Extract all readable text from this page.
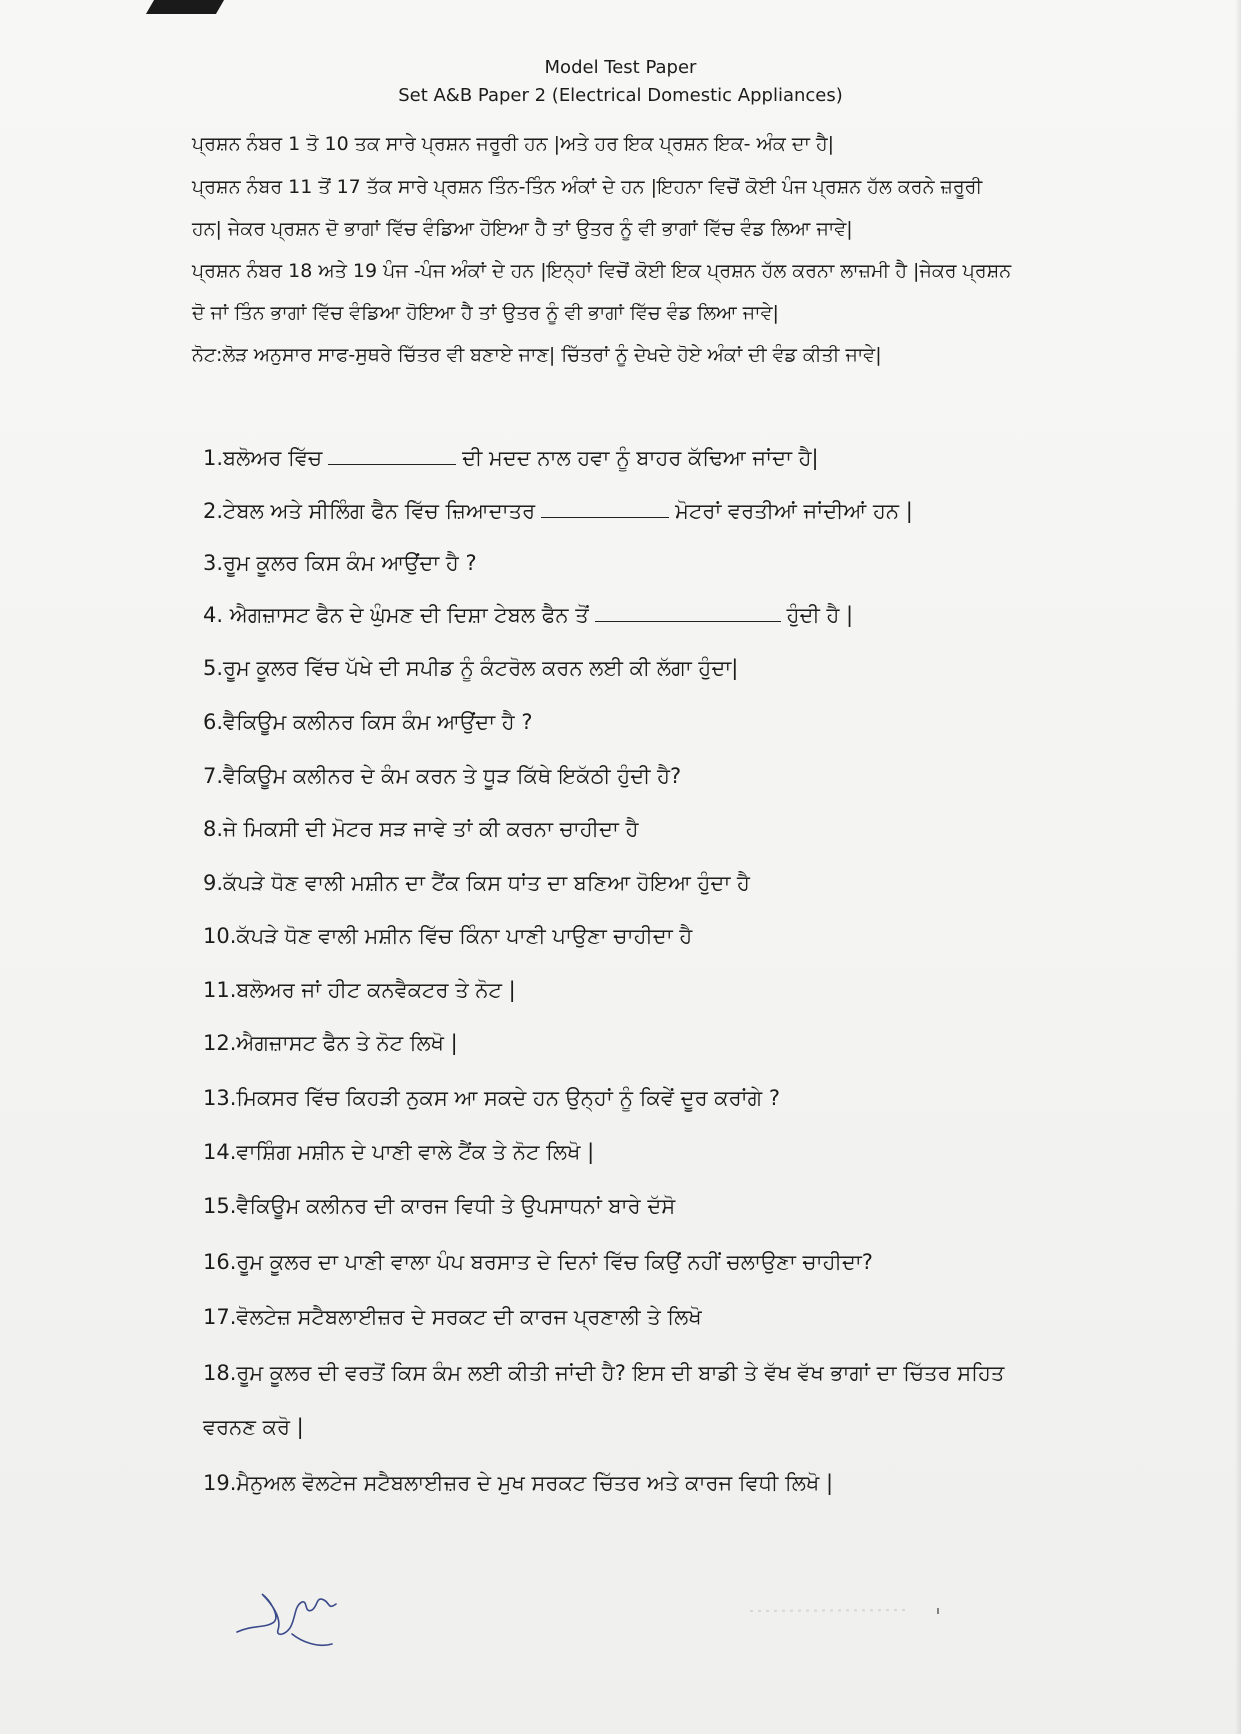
Model Test Paper
Set A&B Paper 2 (Electrical Domestic Appliances)
ਪ੍ਰਸ਼ਨ ਨੰਬਰ 1 ਤੋ 10 ਤਕ ਸਾਰੇ ਪ੍ਰਸ਼ਨ ਜਰੂਰੀ ਹਨ |ਅਤੇ ਹਰ ਇਕ ਪ੍ਰਸ਼ਨ ਇਕ- ਅੰਕ ਦਾ ਹੈ|
ਪ੍ਰਸ਼ਨ ਨੰਬਰ 11 ਤੋਂ 17 ਤੱਕ ਸਾਰੇ ਪ੍ਰਸ਼ਨ ਤਿੰਨ-ਤਿੰਨ ਅੰਕਾਂ ਦੇ ਹਨ |ਇਹਨਾ ਵਿਚੋਂ ਕੋਈ ਪੰਜ ਪ੍ਰਸ਼ਨ ਹੱਲ ਕਰਨੇ ਜ਼ਰੂਰੀ
ਹਨ| ਜੇਕਰ ਪ੍ਰਸ਼ਨ ਦੋ ਭਾਗਾਂ ਵਿੱਚ ਵੰਡਿਆ ਹੋਇਆ ਹੈ ਤਾਂ ਉਤਰ ਨੂੰ ਵੀ ਭਾਗਾਂ ਵਿੱਚ ਵੰਡ ਲਿਆ ਜਾਵੇ|
ਪ੍ਰਸ਼ਨ ਨੰਬਰ 18 ਅਤੇ 19 ਪੰਜ -ਪੰਜ ਅੰਕਾਂ ਦੇ ਹਨ |ਇਨ੍ਹਾਂ ਵਿਚੋਂ ਕੋਈ ਇਕ ਪ੍ਰਸ਼ਨ ਹੱਲ ਕਰਨਾ ਲਾਜ਼ਮੀ ਹੈ |ਜੇਕਰ ਪ੍ਰਸ਼ਨ
ਦੋ ਜਾਂ ਤਿੰਨ ਭਾਗਾਂ ਵਿੱਚ ਵੰਡਿਆ ਹੋਇਆ ਹੈ ਤਾਂ ਉਤਰ ਨੂੰ ਵੀ ਭਾਗਾਂ ਵਿੱਚ ਵੰਡ ਲਿਆ ਜਾਵੇ|
ਨੋਟ:ਲੋੜ ਅਨੁਸਾਰ ਸਾਫ-ਸੁਥਰੇ ਚਿੱਤਰ ਵੀ ਬਣਾਏ ਜਾਣ| ਚਿੱਤਰਾਂ ਨੂੰ ਦੇਖਦੇ ਹੋਏ ਅੰਕਾਂ ਦੀ ਵੰਡ ਕੀਤੀ ਜਾਵੇ|
1.ਬਲੋਅਰ ਵਿੱਚ	ਦੀ ਮਦਦ ਨਾਲ ਹਵਾ ਨੂੰ ਬਾਹਰ ਕੱਢਿਆ ਜਾਂਦਾ ਹੈ|
2.ਟੇਬਲ ਅਤੇ ਸੀਲਿੰਗ ਫੈਨ ਵਿੱਚ ਜ਼ਿਆਦਾਤਰ	ਮੋਟਰਾਂ ਵਰਤੀਆਂ ਜਾਂਦੀਆਂ ਹਨ |
3.ਰੂਮ ਕੂਲਰ ਕਿਸ ਕੰਮ ਆਉਂਦਾ ਹੈ ?
4. ਐਗਜ਼ਾਸਟ ਫੈਨ ਦੇ ਘੁੰਮਣ ਦੀ ਦਿਸ਼ਾ ਟੇਬਲ ਫੈਨ ਤੋਂ	ਹੁੰਦੀ ਹੈ |
5.ਰੂਮ ਕੂਲਰ ਵਿੱਚ ਪੱਖੇ ਦੀ ਸਪੀਡ ਨੂੰ ਕੰਟਰੋਲ ਕਰਨ ਲਈ ਕੀ ਲੱਗਾ ਹੁੰਦਾ|
6.ਵੈਕਿਊਮ ਕਲੀਨਰ ਕਿਸ ਕੰਮ ਆਉਂਦਾ ਹੈ ?
7.ਵੈਕਿਊਮ ਕਲੀਨਰ ਦੇ ਕੰਮ ਕਰਨ ਤੇ ਧੂੜ ਕਿੱਥੇ ਇਕੱਠੀ ਹੁੰਦੀ ਹੈ?
8.ਜੇ ਮਿਕਸੀ ਦੀ ਮੋਟਰ ਸੜ ਜਾਵੇ ਤਾਂ ਕੀ ਕਰਨਾ ਚਾਹੀਦਾ ਹੈ
9.ਕੱਪੜੇ ਧੋਣ ਵਾਲੀ ਮਸ਼ੀਨ ਦਾ ਟੈਂਕ ਕਿਸ ਧਾਂਤ ਦਾ ਬਣਿਆ ਹੋਇਆ ਹੁੰਦਾ ਹੈ
10.ਕੱਪੜੇ ਧੋਣ ਵਾਲੀ ਮਸ਼ੀਨ ਵਿੱਚ ਕਿੰਨਾ ਪਾਣੀ ਪਾਉਣਾ ਚਾਹੀਦਾ ਹੈ
11.ਬਲੋਅਰ ਜਾਂ ਹੀਟ ਕਨਵੈਕਟਰ ਤੇ ਨੋਟ |
12.ਐਗਜ਼ਾਸਟ ਫੈਨ ਤੇ ਨੋਟ ਲਿਖੋ |
13.ਮਿਕਸਰ ਵਿੱਚ ਕਿਹੜੀ ਨੁਕਸ ਆ ਸਕਦੇ ਹਨ ਉਨ੍ਹਾਂ ਨੂੰ ਕਿਵੇਂ ਦੂਰ ਕਰਾਂਗੇ ?
14.ਵਾਸ਼ਿੰਗ ਮਸ਼ੀਨ ਦੇ ਪਾਣੀ ਵਾਲੇ ਟੈਂਕ ਤੇ ਨੋਟ ਲਿਖੋ |
15.ਵੈਕਿਊਮ ਕਲੀਨਰ ਦੀ ਕਾਰਜ ਵਿਧੀ ਤੇ ਉਪਸਾਧਨਾਂ ਬਾਰੇ ਦੱਸੋ
16.ਰੂਮ ਕੂਲਰ ਦਾ ਪਾਣੀ ਵਾਲਾ ਪੰਪ ਬਰਸਾਤ ਦੇ ਦਿਨਾਂ ਵਿੱਚ ਕਿਉਂ ਨਹੀਂ ਚਲਾਉਣਾ ਚਾਹੀਦਾ?
17.ਵੋਲਟੇਜ਼ ਸਟੈਬਲਾਈਜ਼ਰ ਦੇ ਸਰਕਟ ਦੀ ਕਾਰਜ ਪ੍ਰਣਾਲੀ ਤੇ ਲਿਖੋ
18.ਰੂਮ ਕੂਲਰ ਦੀ ਵਰਤੋਂ ਕਿਸ ਕੰਮ ਲਈ ਕੀਤੀ ਜਾਂਦੀ ਹੈ? ਇਸ ਦੀ ਬਾਡੀ ਤੇ ਵੱਖ ਵੱਖ ਭਾਗਾਂ ਦਾ ਚਿੱਤਰ ਸਹਿਤ
ਵਰਨਣ ਕਰੋ |
19.ਮੈਨੁਅਲ ਵੋਲਟੇਜ ਸਟੈਬਲਾਈਜ਼ਰ ਦੇ ਮੁਖ ਸਰਕਟ ਚਿੱਤਰ ਅਤੇ ਕਾਰਜ ਵਿਧੀ ਲਿਖੋ |
